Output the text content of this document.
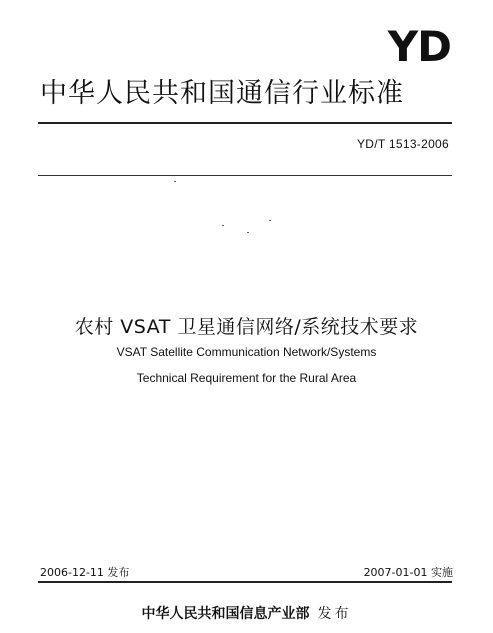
YD
中华人民共和国通信行业标准
YD/T 1513-2006
农村 VSAT 卫星通信网络/系统技术要求
VSAT Satellite Communication Network/Systems
Technical Requirement for the Rural Area
2006-12-11 发布	2007-01-01 实施
中华人民共和国信息产业部 发布
